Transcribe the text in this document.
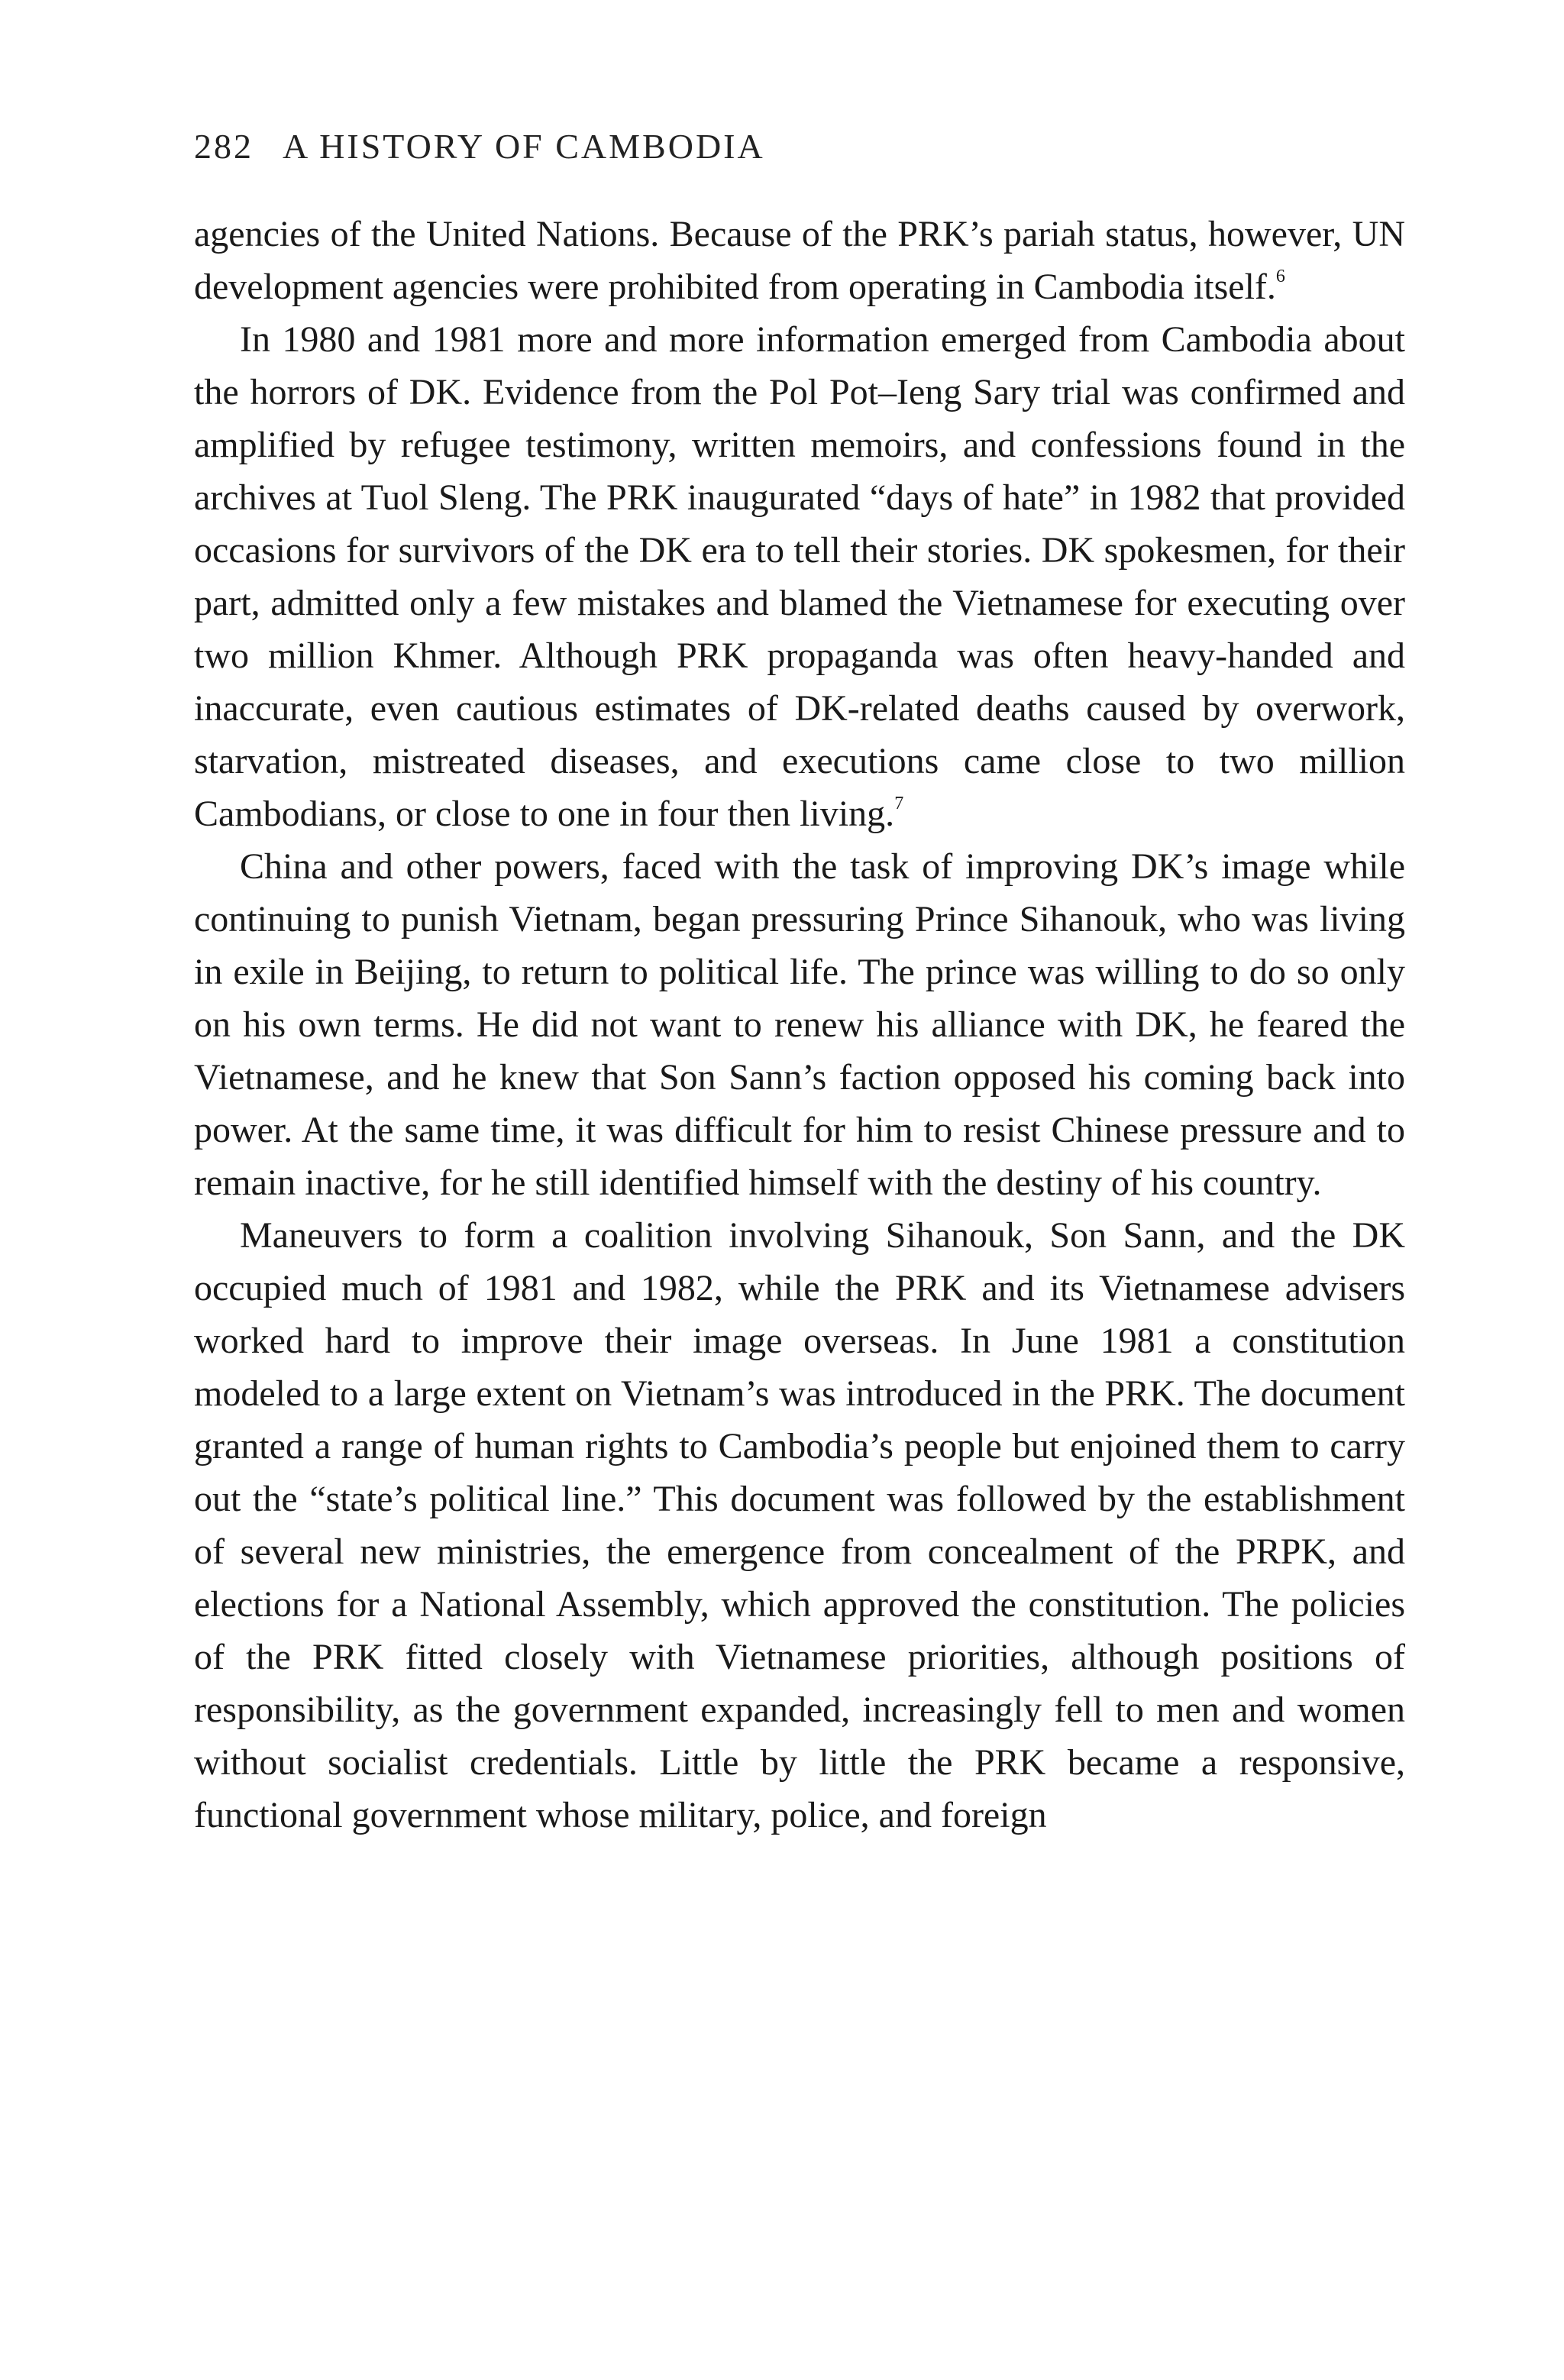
282 A HISTORY OF CAMBODIA

agencies of the United Nations. Because of the PRK’s pariah status, however, UN development agencies were prohibited from operating in Cambodia itself.$^6$

In 1980 and 1981 more and more information emerged from Cambodia about the horrors of DK. Evidence from the Pol Pot–Ieng Sary trial was confirmed and amplified by refugee testimony, written memoirs, and confessions found in the archives at Tuol Sleng. The PRK inaugurated “days of hate” in 1982 that provided occasions for survivors of the DK era to tell their stories. DK spokesmen, for their part, admitted only a few mistakes and blamed the Vietnamese for executing over two million Khmer. Although PRK propaganda was often heavy-handed and inaccurate, even cautious estimates of DK-related deaths caused by overwork, starvation, mistreated diseases, and executions came close to two million Cambodians, or close to one in four then living.$^7$

China and other powers, faced with the task of improving DK’s image while continuing to punish Vietnam, began pressuring Prince Sihanouk, who was living in exile in Beijing, to return to political life. The prince was willing to do so only on his own terms. He did not want to renew his alliance with DK, he feared the Vietnamese, and he knew that Son Sann’s faction opposed his coming back into power. At the same time, it was difficult for him to resist Chinese pressure and to remain inactive, for he still identified himself with the destiny of his country.

Maneuvers to form a coalition involving Sihanouk, Son Sann, and the DK occupied much of 1981 and 1982, while the PRK and its Vietnamese advisers worked hard to improve their image overseas. In June 1981 a constitution modeled to a large extent on Vietnam’s was introduced in the PRK. The document granted a range of human rights to Cambodia’s people but enjoined them to carry out the “state’s political line.” This document was followed by the establishment of several new ministries, the emergence from concealment of the PRPK, and elections for a National Assembly, which approved the constitution. The policies of the PRK fitted closely with Vietnamese priorities, although positions of responsibility, as the government expanded, increasingly fell to men and women without socialist credentials. Little by little the PRK became a responsive, functional government whose military, police, and foreign
